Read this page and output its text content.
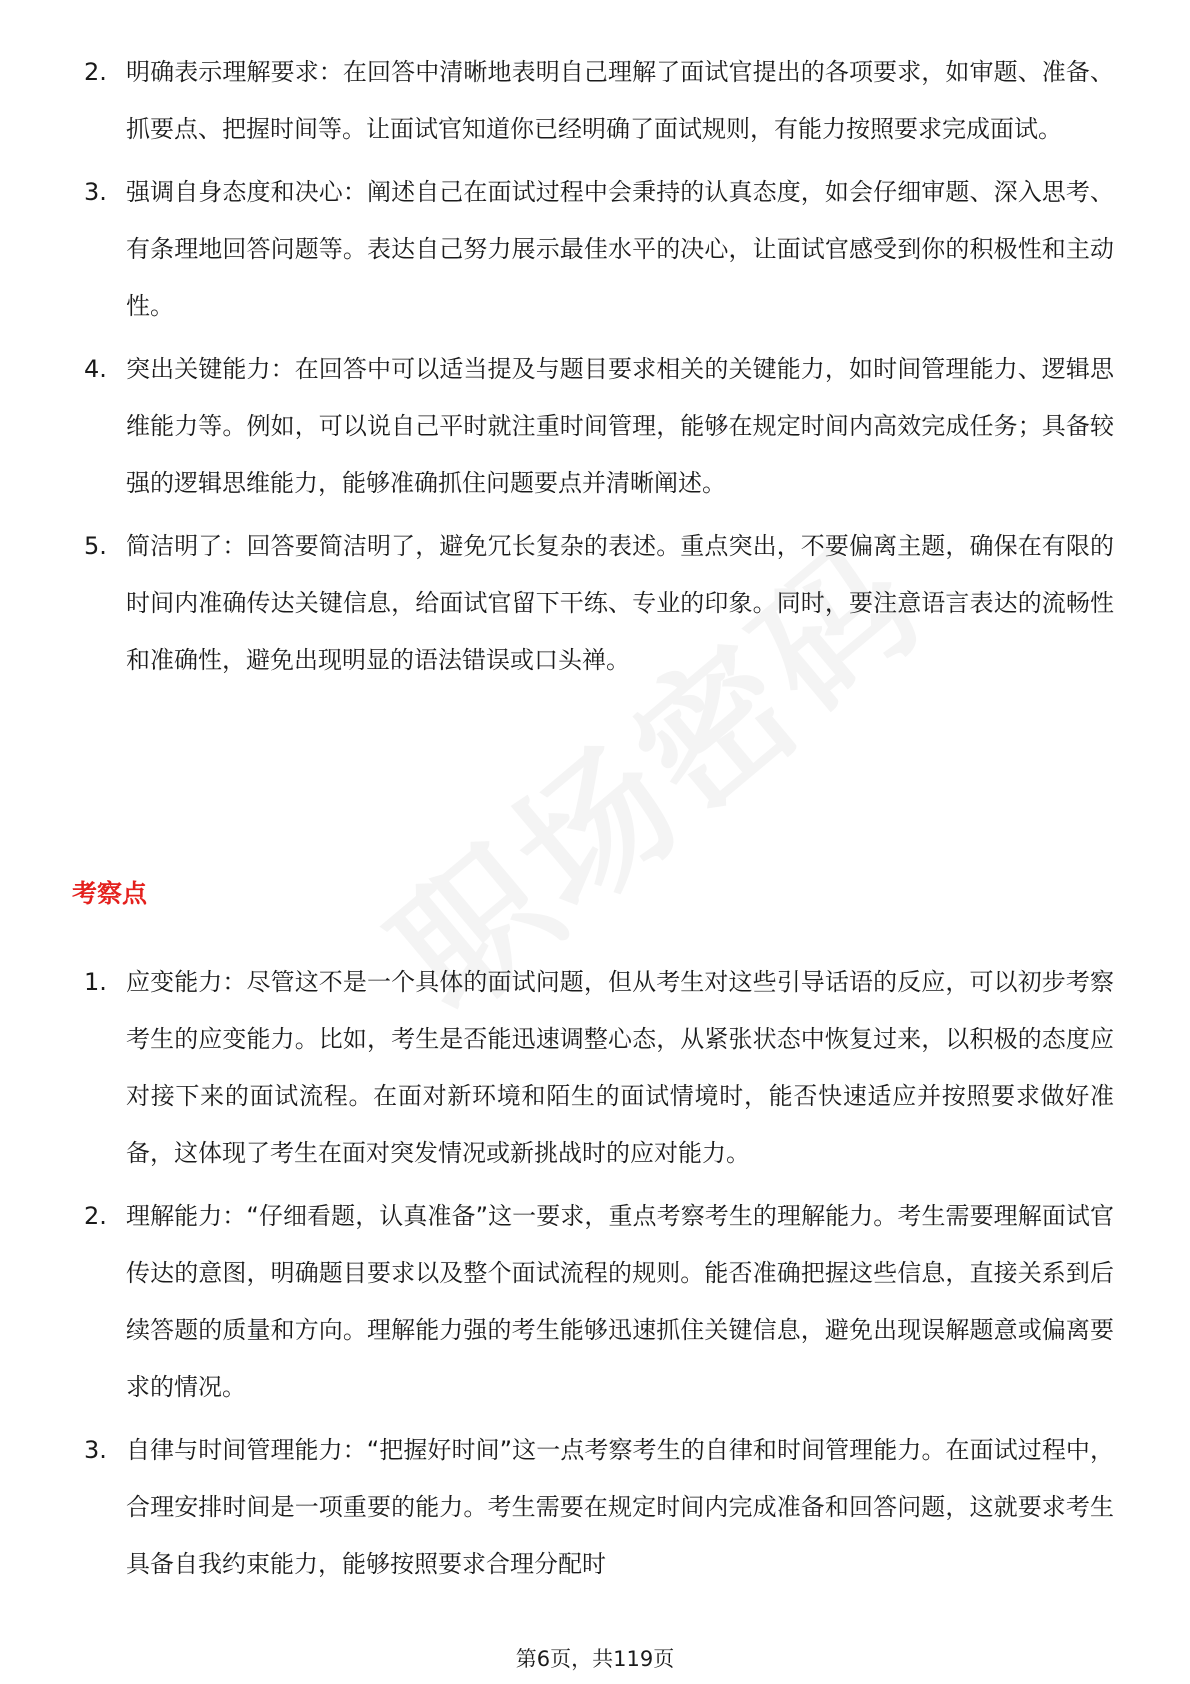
2. 明确表示理解要求：在回答中清晰地表明自己理解了面试官提出的各项要求，如审题、准备、抓要点、把握时间等。让面试官知道你已经明确了面试规则，有能力按照要求完成面试。
3. 强调自身态度和决心：阐述自己在面试过程中会秉持的认真态度，如会仔细审题、深入思考、有条理地回答问题等。表达自己努力展示最佳水平的决心，让面试官感受到你的积极性和主动性。
4. 突出关键能力：在回答中可以适当提及与题目要求相关的关键能力，如时间管理能力、逻辑思维能力等。例如，可以说自己平时就注重时间管理，能够在规定时间内高效完成任务；具备较强的逻辑思维能力，能够准确抓住问题要点并清晰阐述。
5. 简洁明了：回答要简洁明了，避免冗长复杂的表述。重点突出，不要偏离主题，确保在有限的时间内准确传达关键信息，给面试官留下干练、专业的印象。同时，要注意语言表达的流畅性和准确性，避免出现明显的语法错误或口头禅。
考察点
1. 应变能力：尽管这不是一个具体的面试问题，但从考生对这些引导话语的反应，可以初步考察考生的应变能力。比如，考生是否能迅速调整心态，从紧张状态中恢复过来，以积极的态度应对接下来的面试流程。在面对新环境和陌生的面试情境时，能否快速适应并按照要求做好准备，这体现了考生在面对突发情况或新挑战时的应对能力。
2. 理解能力：“仔细看题，认真准备”这一要求，重点考察考生的理解能力。考生需要理解面试官传达的意图，明确题目要求以及整个面试流程的规则。能否准确把握这些信息，直接关系到后续答题的质量和方向。理解能力强的考生能够迅速抓住关键信息，避免出现误解题意或偏离要求的情况。
3. 自律与时间管理能力：“把握好时间”这一点考察考生的自律和时间管理能力。在面试过程中，合理安排时间是一项重要的能力。考生需要在规定时间内完成准备和回答问题，这就要求考生具备自我约束能力，能够按照要求合理分配时
第6页，共119页
